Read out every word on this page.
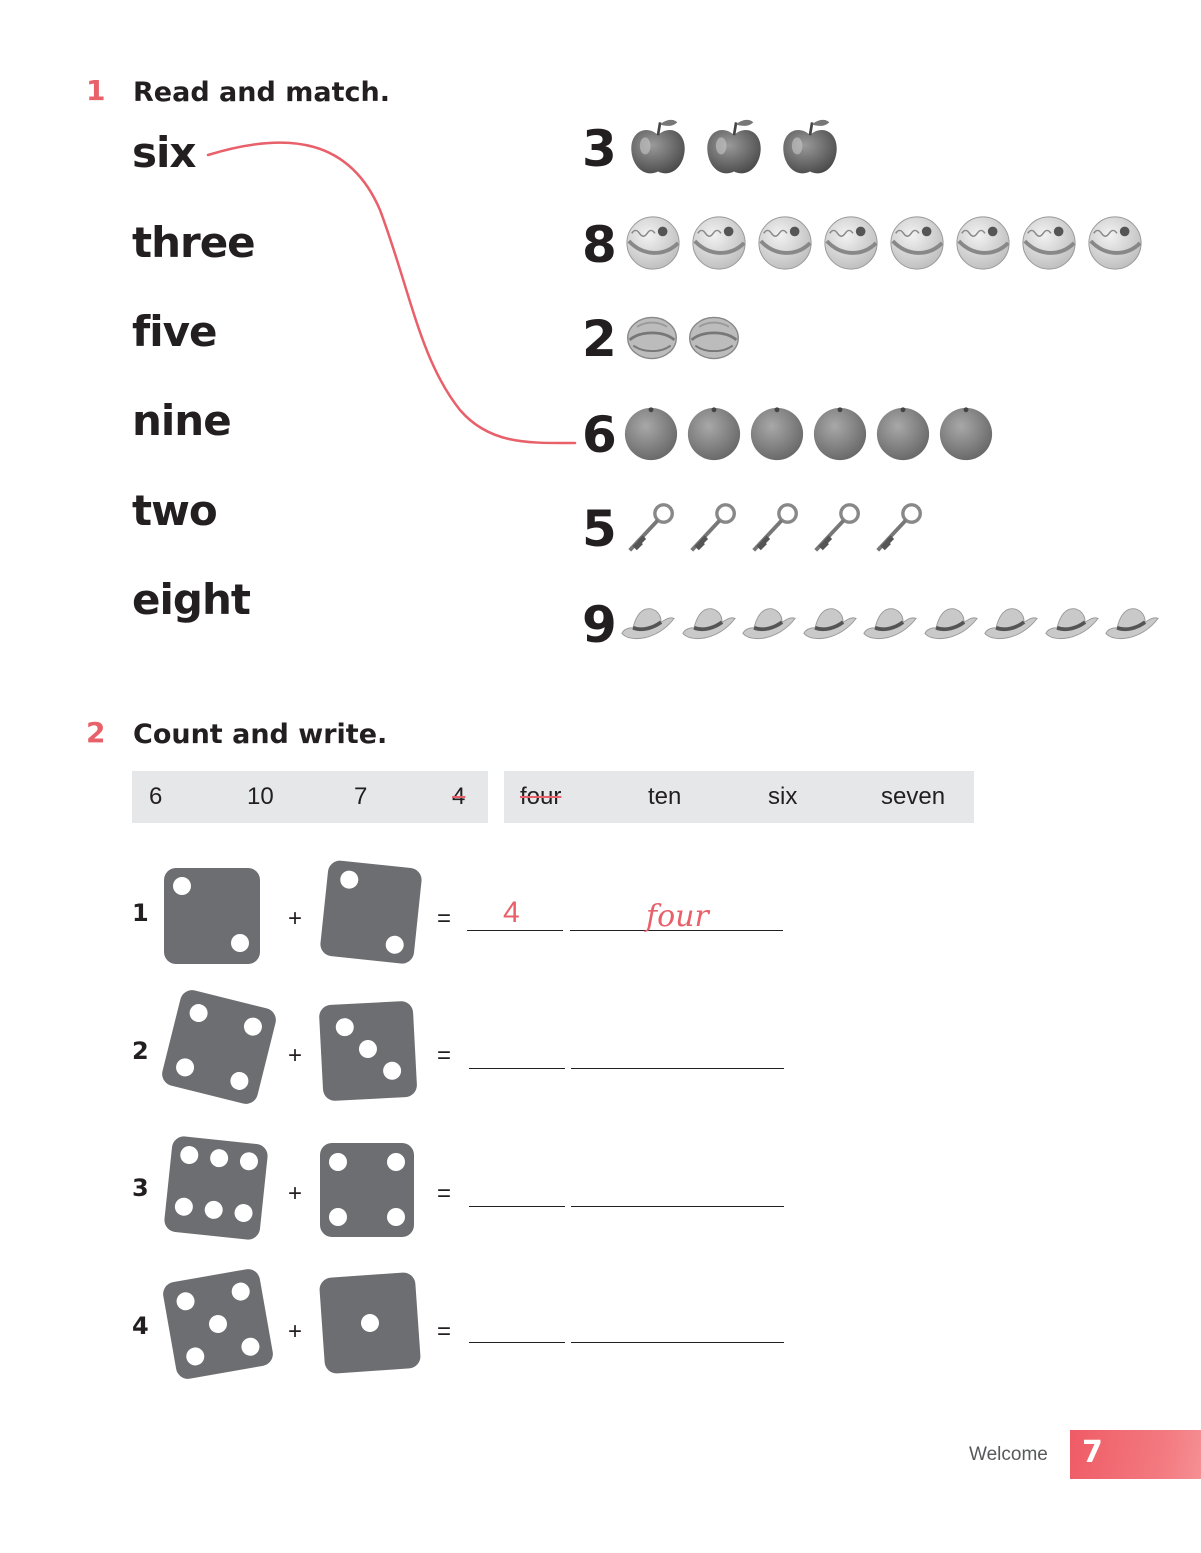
1 Read and match.
six
three
five
nine
two
eight
3
8
2
6
5
9
2 Count and write.
6	10	7	4 four	ten	six	seven
1	+	= 4	four
2	+	=
3	+	=
4	+	=
Welcome 7
